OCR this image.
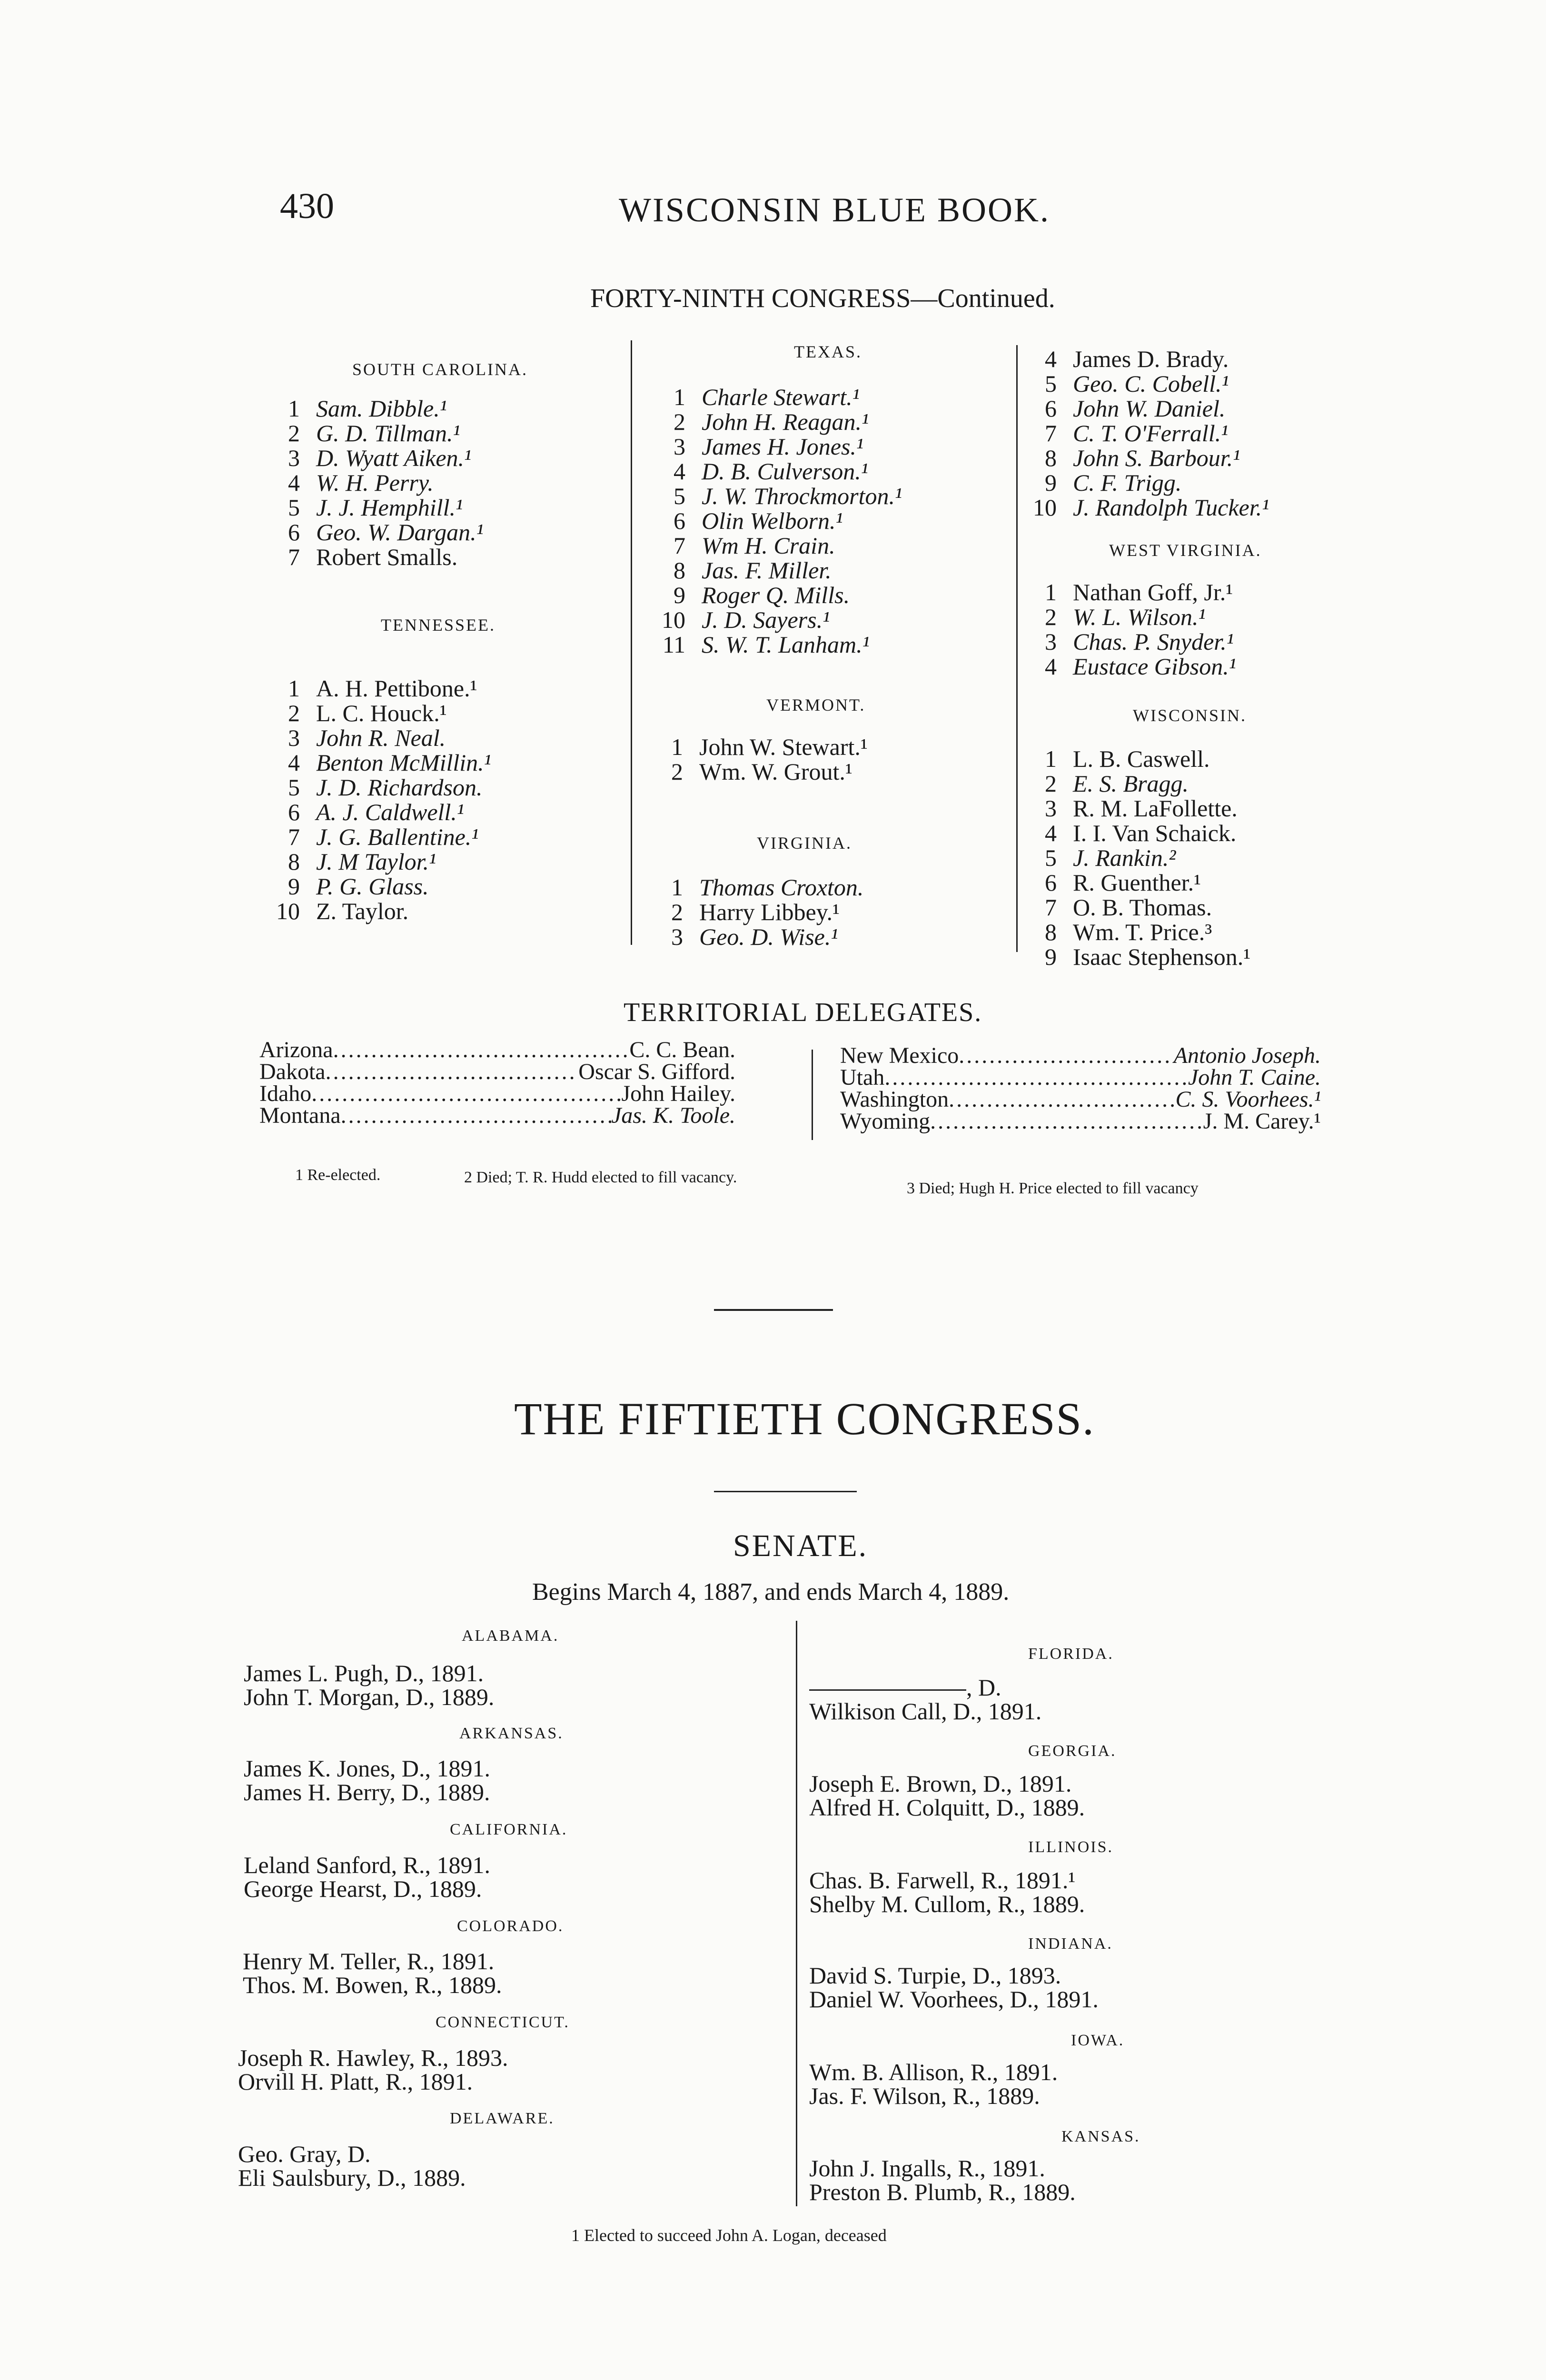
430	WISCONSIN BLUE BOOK.
FORTY-NINTH CONGRESS—Continued.
SOUTH CAROLINA.
1 Sam. Dibble.¹
2 G. D. Tillman.¹
3 D. Wyatt Aiken.¹
4 W. H. Perry.
5 J. J. Hemphill.¹
6 Geo. W. Dargan.¹
7 Robert Smalls.
TENNESSEE.
1 A. H. Pettibone.¹
2 L. C. Houck.¹
3 John R. Neal.
4 Benton McMillin.¹
5 J. D. Richardson.
6 A. J. Caldwell.¹
7 J. G. Ballentine.¹
8 J. M Taylor.¹
9 P. G. Glass.
10 Z. Taylor.
TEXAS.
1 Charle Stewart.¹
2 John H. Reagan.¹
3 James H. Jones.¹
4 D. B. Culverson.¹
5 J. W. Throckmorton.¹
6 Olin Welborn.¹
7 Wm H. Crain.
8 Jas. F. Miller.
9 Roger Q. Mills.
10 J. D. Sayers.¹
11 S. W. T. Lanham.¹
VERMONT.
1 John W. Stewart.¹
2 Wm. W. Grout.¹
VIRGINIA.
1 Thomas Croxton.
2 Harry Libbey.¹
3 Geo. D. Wise.¹
4 James D. Brady.
5 Geo. C. Cobell.¹
6 John W. Daniel.
7 C. T. O'Ferrall.¹
8 John S. Barbour.¹
9 C. F. Trigg.
10 J. Randolph Tucker.¹
WEST VIRGINIA.
1 Nathan Goff, Jr.¹
2 W. L. Wilson.¹
3 Chas. P. Snyder.¹
4 Eustace Gibson.¹
WISCONSIN.
1 L. B. Caswell.
2 E. S. Bragg.
3 R. M. LaFollette.
4 I. I. Van Schaick.
5 J. Rankin.²
6 R. Guenther.¹
7 O. B. Thomas.
8 Wm. T. Price.³
9 Isaac Stephenson.¹
TERRITORIAL DELEGATES.
Arizona .....	C. C. Bean.
Dakota .....	Oscar S. Gifford.
Idaho .....	John Hailey.
Montana .....	Jas. K. Toole.
New Mexico .....	Antonio Joseph.
Utah .....	John T. Caine.
Washington .....	C. S. Voorhees.¹
Wyoming .....	J. M. Carey.¹
1 Re-elected.	2 Died; T. R. Hudd elected to fill vacancy.
3 Died; Hugh H. Price elected to fill vacancy
THE FIFTIETH CONGRESS.
SENATE.
Begins March 4, 1887, and ends March 4, 1889.
ALABAMA.
James L. Pugh, D., 1891.
John T. Morgan, D., 1889.
ARKANSAS.
James K. Jones, D., 1891.
James H. Berry, D., 1889.
CALIFORNIA.
Leland Sanford, R., 1891.
George Hearst, D., 1889.
COLORADO.
Henry M. Teller, R., 1891.
Thos. M. Bowen, R., 1889.
CONNECTICUT.
Joseph R. Hawley, R., 1893.
Orvill H. Platt, R., 1891.
DELAWARE.
Geo. Gray, D.
Eli Saulsbury, D., 1889.
FLORIDA.
, D.
Wilkison Call, D., 1891.
GEORGIA.
Joseph E. Brown, D., 1891.
Alfred H. Colquitt, D., 1889.
ILLINOIS.
Chas. B. Farwell, R., 1891.¹
Shelby M. Cullom, R., 1889.
INDIANA.
David S. Turpie, D., 1893.
Daniel W. Voorhees, D., 1891.
IOWA.
Wm. B. Allison, R., 1891.
Jas. F. Wilson, R., 1889.
KANSAS.
John J. Ingalls, R., 1891.
Preston B. Plumb, R., 1889.
1 Elected to succeed John A. Logan, deceased
